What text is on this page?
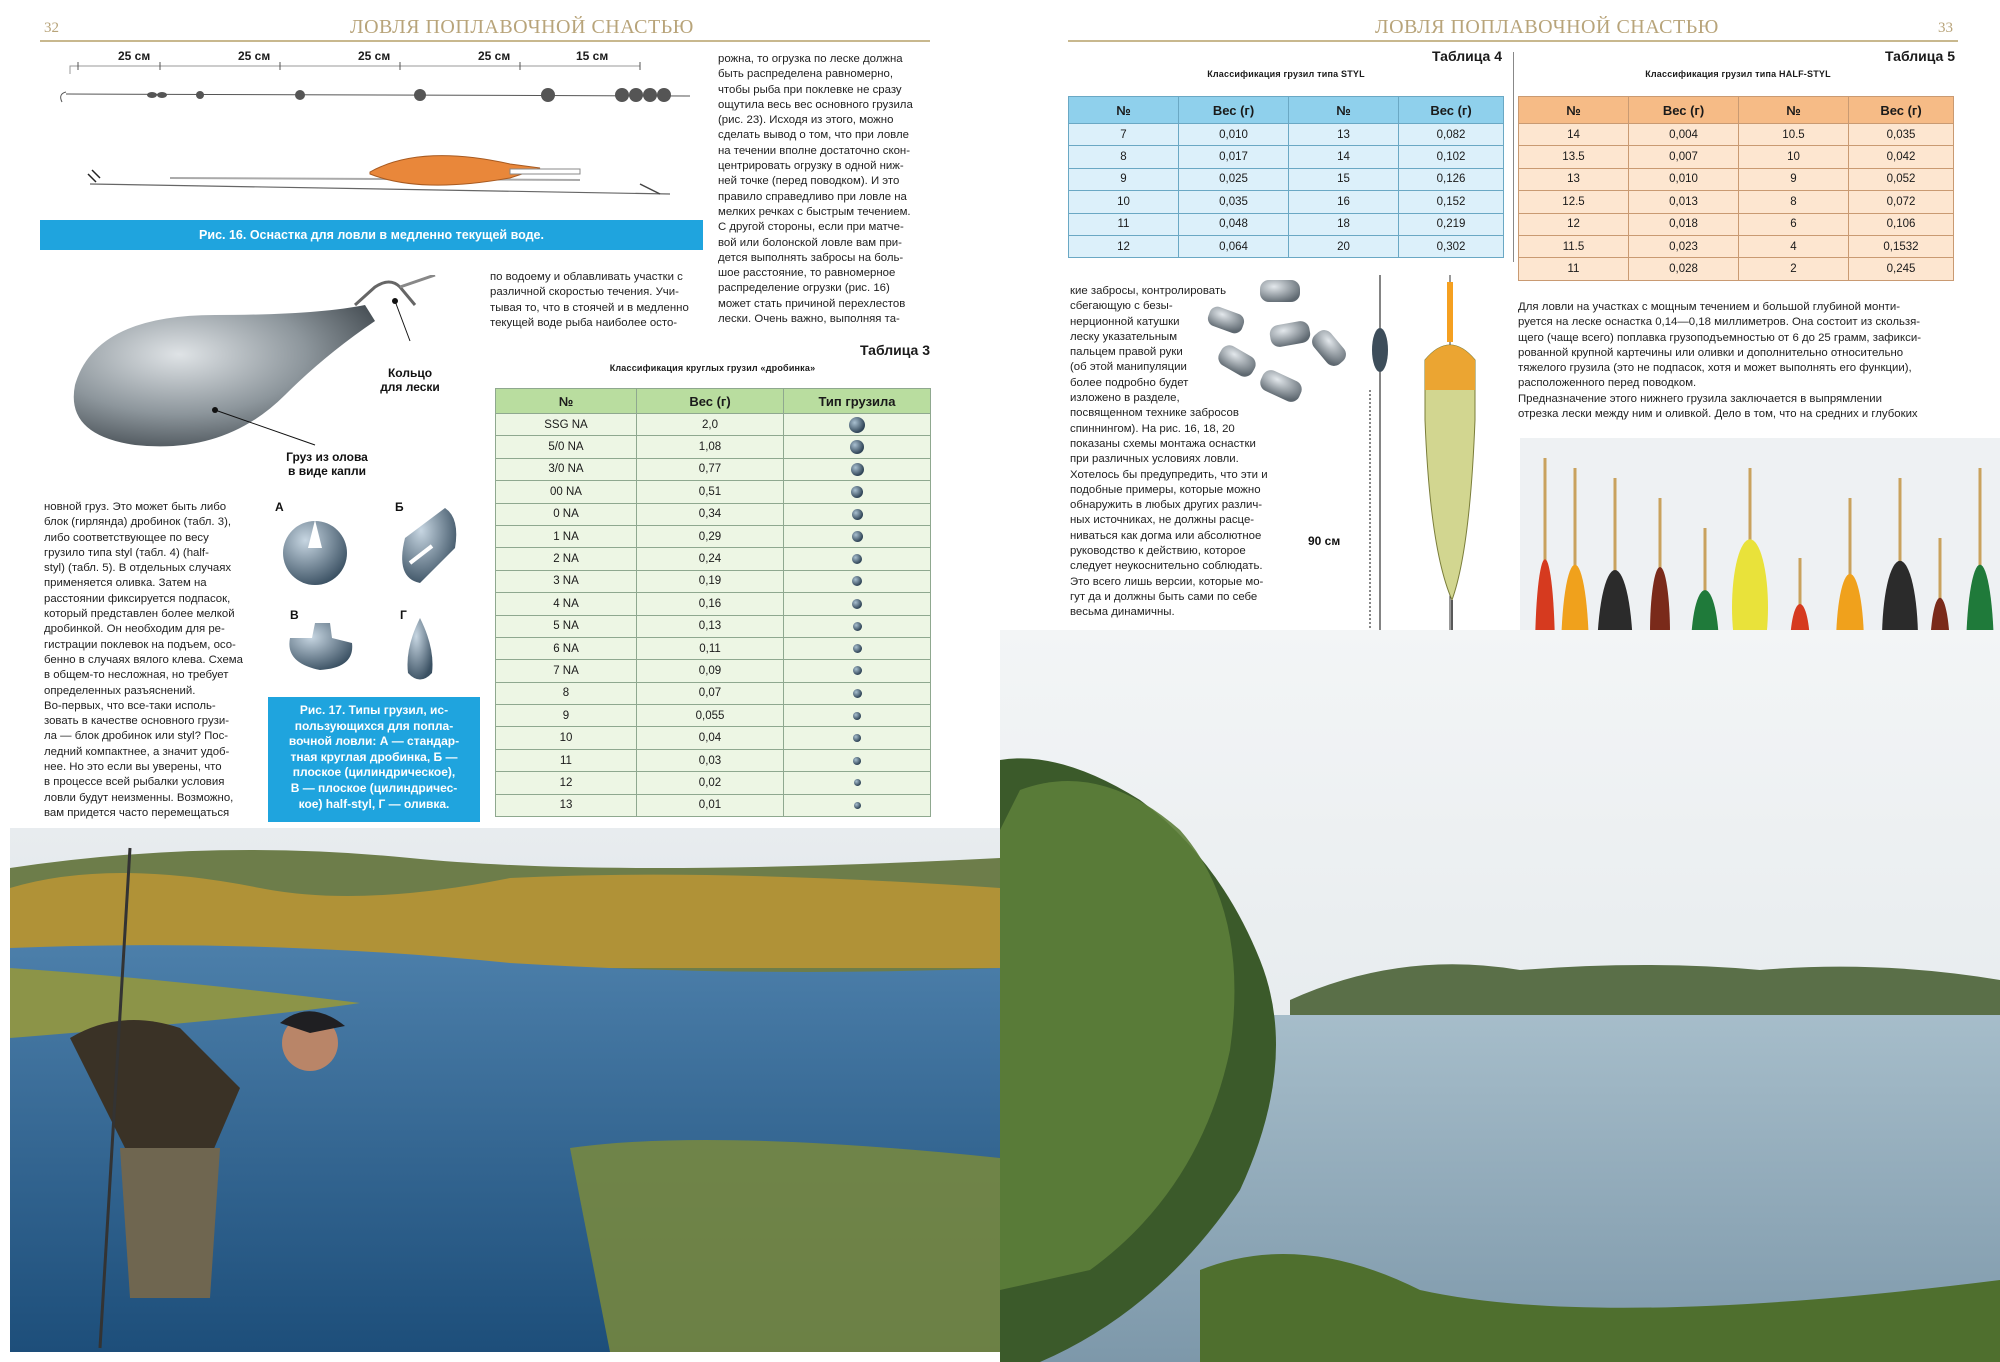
32	ЛОВЛЯ ПОПЛАВОЧНОЙ СНАСТЬЮ
25 см	25 см	25 см	25 см	15 см
Рис. 16. Оснастка для ловли в медленно текущей воде.
рожна, то огрузка по леске должна
быть распределена равномерно,
чтобы рыба при поклевке не сразу
ощутила весь вес основного грузила
(рис. 23). Исходя из этого, можно
сделать вывод о том, что при ловле
на течении вполне достаточно скон-
центрировать огрузку в одной ниж-
ней точке (перед поводком). И это
правило справедливо при ловле на
мелких речках с быстрым течением.
С другой стороны, если при матче-
вой или болонской ловле вам при-
дется выполнять забросы на боль-
шое расстояние, то равномерное
распределение огрузки (рис. 16)
может стать причиной перехлестов
лески. Очень важно, выполняя та-
Кольцо
для лески
Груз из олова
в виде капли
по водоему и облавливать участки с
различной скоростью течения. Учи-
тывая то, что в стоячей и в медленно
текущей воде рыба наиболее осто-
А	Б
В	Г
Рис. 17. Типы грузил, ис-
пользующихся для попла-
вочной ловли: А — стандар-
тная круглая дробинка, Б —
плоское (цилиндрическое),
В — плоское (цилиндричес-
кое) half-styl, Г — оливка.
новной груз. Это может быть либо
блок (гирлянда) дробинок (табл. 3),
либо соответствующее по весу
грузило типа styl (табл. 4) (half-
styl) (табл. 5). В отдельных случаях
применяется оливка. Затем на
расстоянии фиксируется подпасок,
который представлен более мелкой
дробинкой. Он необходим для ре-
гистрации поклевок на подъем, осо-
бенно в случаях вялого клева. Схема
в общем-то несложная, но требует
определенных разъяснений.
Во-первых, что все-таки исполь-
зовать в качестве основного грузи-
ла — блок дробинок или styl? Пос-
ледний компактнее, а значит удоб-
нее. Но это если вы уверены, что
в процессе всей рыбалки условия
ловли будут неизменны. Возможно,
вам придется часто перемещаться
Таблица 3
Классификация круглых грузил «дробинка»
№	Вес (г)	Тип грузила
SSG NA	2,0	
5/0 NA	1,08	
3/0 NA	0,77	
00 NA	0,51	
0 NA	0,34	
1 NA	0,29	
2 NA	0,24	
3 NA	0,19	
4 NA	0,16	
5 NA	0,13	
6 NA	0,11	
7 NA	0,09	
8	0,07	
9	0,055	
10	0,04	
11	0,03	
12	0,02	
13	0,01	
ЛОВЛЯ ПОПЛАВОЧНОЙ СНАСТЬЮ	33
Таблица 4
Классификация грузил типа STYL
№	Вес (г)	№	Вес (г)
7	0,010	13	0,082
8	0,017	14	0,102
9	0,025	15	0,126
10	0,035	16	0,152
11	0,048	18	0,219
12	0,064	20	0,302
Таблица 5
Классификация грузил типа HALF-STYL
№	Вес (г)	№	Вес (г)
14	0,004	10.5	0,035
13.5	0,007	10	0,042
13	0,010	9	0,052
12.5	0,013	8	0,072
12	0,018	6	0,106
11.5	0,023	4	0,1532
11	0,028	2	0,245
кие забросы, контролировать
сбегающую с безы-
нерционной катушки
леску указательным
пальцем правой руки
(об этой манипуляции
более подробно будет
изложено в разделе,
посвященном технике забросов
спиннингом). На рис. 16, 18, 20
показаны схемы монтажа оснастки
при различных условиях ловли.
Хотелось бы предупредить, что эти и
подобные примеры, которые можно
обнаружить в любых других различ-
ных источниках, не должны расце-
ниваться как догма или абсолютное
руководство к действию, которое
следует неукоснительно соблюдать.
Это всего лишь версии, которые мо-
гут да и должны быть сами по себе
весьма динамичны.
90 см
Для ловли на участках с мощным течением и большой глубиной монти-
руется на леске оснастка 0,14—0,18 миллиметров. Она состоит из скользя-
щего (чаще всего) поплавка грузоподъемностью от 6 до 25 грамм, зафикси-
рованной крупной картечины или оливки и дополнительно относительно
тяжелого грузила (это не подпасок, хотя и может выполнять его функции),
расположенного перед поводком.
Предназначение этого нижнего грузила заключается в выпрямлении
отрезка лески между ним и оливкой. Дело в том, что на средних и глубоких
